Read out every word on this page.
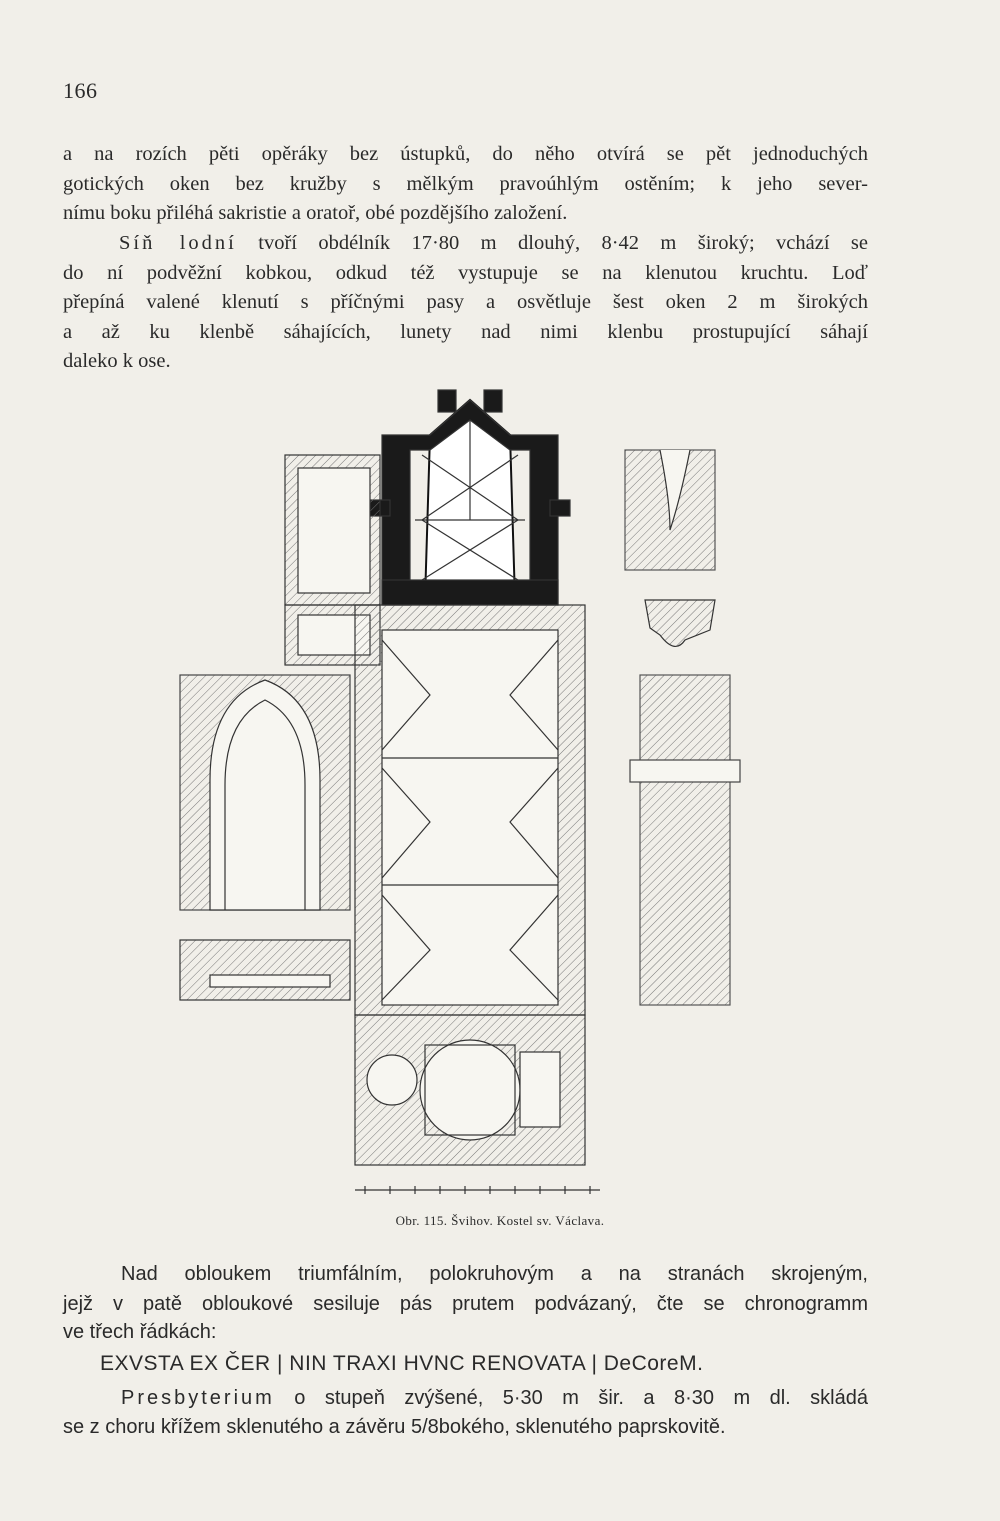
166
a na rozích pěti opěráky bez ústupků, do něho otvírá se pět jednoduchých
gotických oken bez kružby s mělkým pravoúhlým ostěním; k jeho sever-
nímu boku přiléhá sakristie a oratoř, obé pozdějšího založení.
Síň lodní tvoří obdélník 17·80 m dlouhý, 8·42 m široký; vchází se
do ní podvěžní kobkou, odkud též vystupuje se na klenutou kruchtu. Loď
přepíná valené klenutí s příčnými pasy a osvětluje šest oken 2 m širokých
a až ku klenbě sáhajících, lunety nad nimi klenbu prostupující sáhají
daleko k ose.
Obr. 115. Švihov. Kostel sv. Václava.
Nad obloukem triumfálním, polokruhovým a na stranách skrojeným,
jejž v patě obloukové sesiluje pás prutem podvázaný, čte se chronogramm
ve třech řádkách:
EXVSTA EX ČER | NIN TRAXI HVNC RENOVATA | DeCoreM.
Presbyterium o stupeň zvýšené, 5·30 m šir. a 8·30 m dl. skládá
se z choru křížem sklenutého a závěru 5/8bokého, sklenutého paprskovitě.
